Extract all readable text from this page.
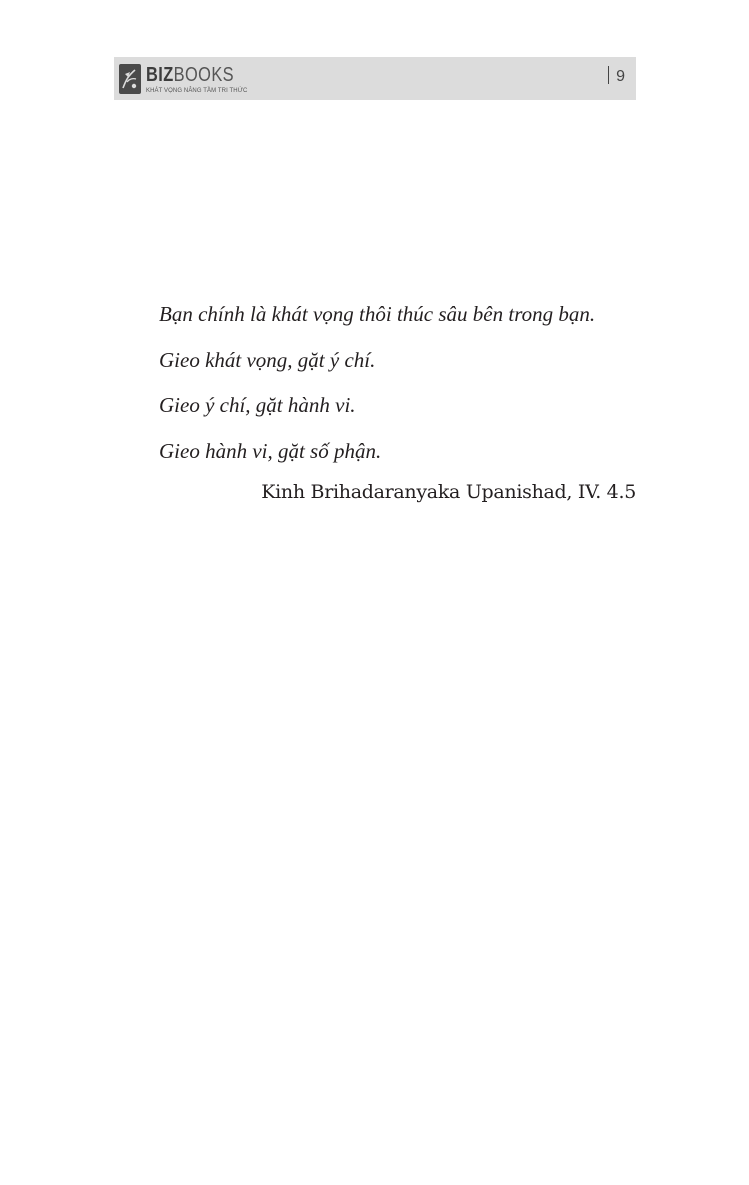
BIZBOOKS
KHÁT VỌNG NÂNG TẦM TRI THỨC
9
Bạn chính là khát vọng thôi thúc sâu bên trong bạn.
Gieo khát vọng, gặt ý chí.
Gieo ý chí, gặt hành vi.
Gieo hành vi, gặt số phận.
Kinh Brihadaranyaka Upanishad, IV. 4.5
